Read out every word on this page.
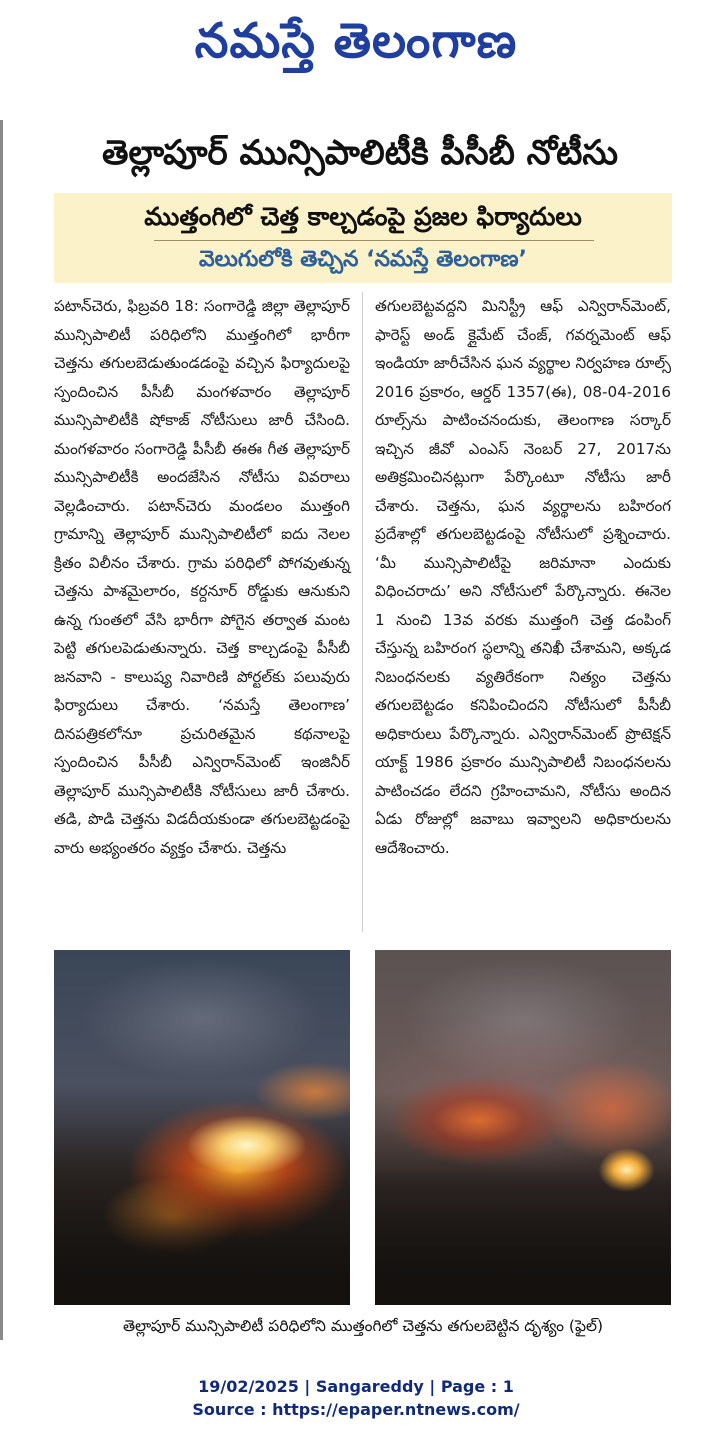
నమస్తే తెలంగాణ
తెల్లాపూర్‌ మున్సిపాలిటీకి పీసీబీ నోటీసు
ముత్తంగిలో చెత్త కాల్చడంపై ప్రజల ఫిర్యాదులు
వెలుగులోకి తెచ్చిన ‘నమస్తే తెలంగాణ’
పటాన్‌చెరు, ఫిబ్రవరి 18: సంగారెడ్డి జిల్లా తెల్లాపూర్‌ మున్సిపాలిటీ పరిధిలోని ముత్తంగిలో భారీగా చెత్తను తగులబెడుతుండడంపై వచ్చిన ఫిర్యాదులపై స్పందించిన పీసీబీ మంగళవారం తెల్లాపూర్‌ మున్సిపాలిటీకి షోకాజ్‌ నోటీసులు జారీ చేసింది. మంగళవారం సంగారెడ్డి పీసీబీ ఈఈ గీత తెల్లాపూర్‌ మున్సిపాలిటీకి అందజేసిన నోటీసు వివరాలు వెల్లడించారు. పటాన్‌చెరు మండలం ముత్తంగి గ్రామాన్ని తెల్లాపూర్‌ మున్సిపాలిటీలో ఐదు నెలల క్రితం విలీనం చేశారు. గ్రామ పరిధిలో పోగవుతున్న చెత్తను పాశమైలారం, కర్దనూర్‌ రోడ్డుకు ఆనుకుని ఉన్న గుంతలో వేసి భారీగా పోగైన తర్వాత మంట పెట్టి తగులపెడుతున్నారు. చెత్త కాల్చడంపై పీసీబీ జనవాని - కాలుష్య నివారిణి పోర్టల్‌కు పలువురు ఫిర్యాదులు చేశారు. ‘నమస్తే తెలంగాణ’ దినపత్రికలోనూ ప్రచురితమైన కథనాలపై స్పందించిన పీసీబీ ఎన్విరాన్‌మెంట్‌ ఇంజినీర్‌ తెల్లాపూర్‌ మున్సిపాలిటీకి నోటీసులు జారీ చేశారు. తడి, పొడి చెత్తను విడదీయకుండా తగులబెట్టడంపై వారు అభ్యంతరం వ్యక్తం చేశారు. చెత్తను
తగులబెట్టవద్దని మినిస్ట్రీ ఆఫ్‌ ఎన్విరాన్‌మెంట్‌, ఫారెస్ట్‌ అండ్‌ క్లైమేట్‌ చేంజ్‌, గవర్నమెంట్‌ ఆఫ్‌ ఇండియా జారీచేసిన ఘన వ్యర్థాల నిర్వహణ రూల్స్‌ 2016 ప్రకారం, ఆర్డర్‌ 1357(ఈ), 08-04-2016 రూల్స్‌ను పాటించనందుకు, తెలంగాణ సర్కార్‌ ఇచ్చిన జీవో ఎంఎస్‌ నెంబర్‌ 27, 2017ను అతిక్రమించినట్లుగా పేర్కొంటూ నోటీసు జారీ చేశారు. చెత్తను, ఘన వ్యర్థాలను బహిరంగ ప్రదేశాల్లో తగులబెట్టడంపై నోటీసులో ప్రశ్నించారు. ‘మీ మున్సిపాలిటీపై జరిమానా ఎందుకు విధించరాదు’ అని నోటీసులో పేర్కొన్నారు. ఈనెల 1 నుంచి 13వ వరకు ముత్తంగి చెత్త డంపింగ్‌ చేస్తున్న బహిరంగ స్థలాన్ని తనిఖీ చేశామని, అక్కడ నిబంధనలకు వ్యతిరేకంగా నిత్యం చెత్తను తగులబెట్టడం కనిపించిందని నోటీసులో పీసీబీ అధికారులు పేర్కొన్నారు. ఎన్విరాన్‌మెంట్‌ ప్రొటెక్షన్‌ యాక్ట్‌ 1986 ప్రకారం మున్సిపాలిటీ నిబంధనలను పాటించడం లేదని గ్రహించామని, నోటీసు అందిన ఏడు రోజుల్లో జవాబు ఇవ్వాలని అధికారులను ఆదేశించారు.
తెల్లాపూర్‌ మున్సిపాలిటీ పరిధిలోని ముత్తంగిలో చెత్తను తగులబెట్టిన దృశ్యం (ఫైల్‌)
19/02/2025 | Sangareddy | Page : 1
Source : https://epaper.ntnews.com/
